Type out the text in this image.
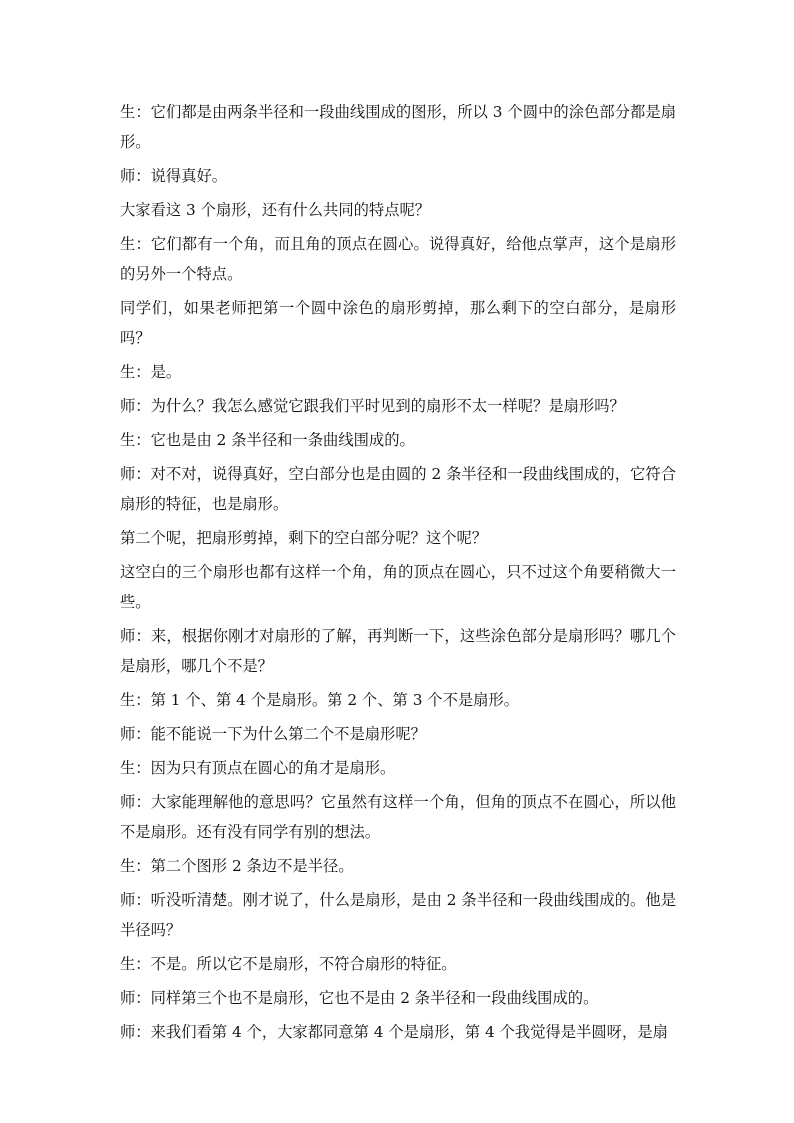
生：它们都是由两条半径和一段曲线围成的图形，所以 3 个圆中的涂色部分都是扇形。

师：说得真好。

大家看这 3 个扇形，还有什么共同的特点呢？

生：它们都有一个角，而且角的顶点在圆心。说得真好，给他点掌声，这个是扇形的另外一个特点。

同学们，如果老师把第一个圆中涂色的扇形剪掉，那么剩下的空白部分，是扇形吗？

生：是。

师：为什么？我怎么感觉它跟我们平时见到的扇形不太一样呢？是扇形吗？

生：它也是由 2 条半径和一条曲线围成的。

师：对不对，说得真好，空白部分也是由圆的 2 条半径和一段曲线围成的，它符合扇形的特征，也是扇形。

第二个呢，把扇形剪掉，剩下的空白部分呢？这个呢？

这空白的三个扇形也都有这样一个角，角的顶点在圆心，只不过这个角要稍微大一些。

师：来，根据你刚才对扇形的了解，再判断一下，这些涂色部分是扇形吗？哪几个是扇形，哪几个不是？

生：第 1 个、第 4 个是扇形。第 2 个、第 3 个不是扇形。

师：能不能说一下为什么第二个不是扇形呢？

生：因为只有顶点在圆心的角才是扇形。

师：大家能理解他的意思吗？它虽然有这样一个角，但角的顶点不在圆心，所以他不是扇形。还有没有同学有别的想法。

生：第二个图形 2 条边不是半径。

师：听没听清楚。刚才说了，什么是扇形，是由 2 条半径和一段曲线围成的。他是半径吗？

生：不是。所以它不是扇形，不符合扇形的特征。

师：同样第三个也不是扇形，它也不是由 2 条半径和一段曲线围成的。

师：来我们看第 4 个，大家都同意第 4 个是扇形，第 4 个我觉得是半圆呀，是扇
